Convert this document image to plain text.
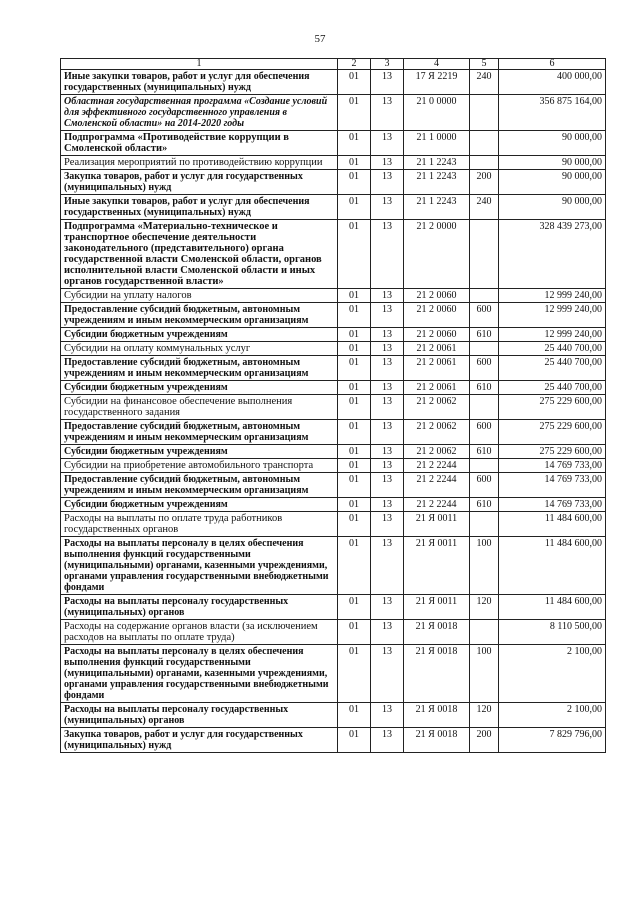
57
1	2	3	4	5	6
Иные закупки товаров, работ и услуг для обеспечения государственных (муниципальных) нужд	01	13	17 Я 2219	240	400 000,00
Областная государственная программа «Создание условий для эффективного государственного управления в Смоленской области» на 2014-2020 годы	01	13	21 0 0000		356 875 164,00
Подпрограмма «Противодействие коррупции в Смоленской области»	01	13	21 1 0000		90 000,00
Реализация мероприятий по противодействию коррупции	01	13	21 1 2243		90 000,00
Закупка товаров, работ и услуг для государственных (муниципальных) нужд	01	13	21 1 2243	200	90 000,00
Иные закупки товаров, работ и услуг для обеспечения государственных (муниципальных) нужд	01	13	21 1 2243	240	90 000,00
Подпрограмма «Материально-техническое и транспортное обеспечение деятельности законодательного (представительного) органа государственной власти Смоленской области, органов исполнительной власти Смоленской области и иных органов государственной власти»	01	13	21 2 0000		328 439 273,00
Субсидии на уплату налогов	01	13	21 2 0060		12 999 240,00
Предоставление субсидий бюджетным, автономным учреждениям и иным некоммерческим организациям	01	13	21 2 0060	600	12 999 240,00
Субсидии бюджетным учреждениям	01	13	21 2 0060	610	12 999 240,00
Субсидии на оплату коммунальных услуг	01	13	21 2 0061		25 440 700,00
Предоставление субсидий бюджетным, автономным учреждениям и иным некоммерческим организациям	01	13	21 2 0061	600	25 440 700,00
Субсидии бюджетным учреждениям	01	13	21 2 0061	610	25 440 700,00
Субсидии на финансовое обеспечение выполнения государственного задания	01	13	21 2 0062		275 229 600,00
Предоставление субсидий бюджетным, автономным учреждениям и иным некоммерческим организациям	01	13	21 2 0062	600	275 229 600,00
Субсидии бюджетным учреждениям	01	13	21 2 0062	610	275 229 600,00
Субсидии на приобретение автомобильного транспорта	01	13	21 2 2244		14 769 733,00
Предоставление субсидий бюджетным, автономным учреждениям и иным некоммерческим организациям	01	13	21 2 2244	600	14 769 733,00
Субсидии бюджетным учреждениям	01	13	21 2 2244	610	14 769 733,00
Расходы на выплаты по оплате труда работников государственных органов	01	13	21 Я 0011		11 484 600,00
Расходы на выплаты персоналу в целях обеспечения выполнения функций государственными (муниципальными) органами, казенными учреждениями, органами управления государственными внебюджетными фондами	01	13	21 Я 0011	100	11 484 600,00
Расходы на выплаты персоналу государственных (муниципальных) органов	01	13	21 Я 0011	120	11 484 600,00
Расходы на содержание органов власти (за исключением расходов на выплаты по оплате труда)	01	13	21 Я 0018		8 110 500,00
Расходы на выплаты персоналу в целях обеспечения выполнения функций государственными (муниципальными) органами, казенными учреждениями, органами управления государственными внебюджетными фондами	01	13	21 Я 0018	100	2 100,00
Расходы на выплаты персоналу государственных (муниципальных) органов	01	13	21 Я 0018	120	2 100,00
Закупка товаров, работ и услуг для государственных (муниципальных) нужд	01	13	21 Я 0018	200	7 829 796,00
